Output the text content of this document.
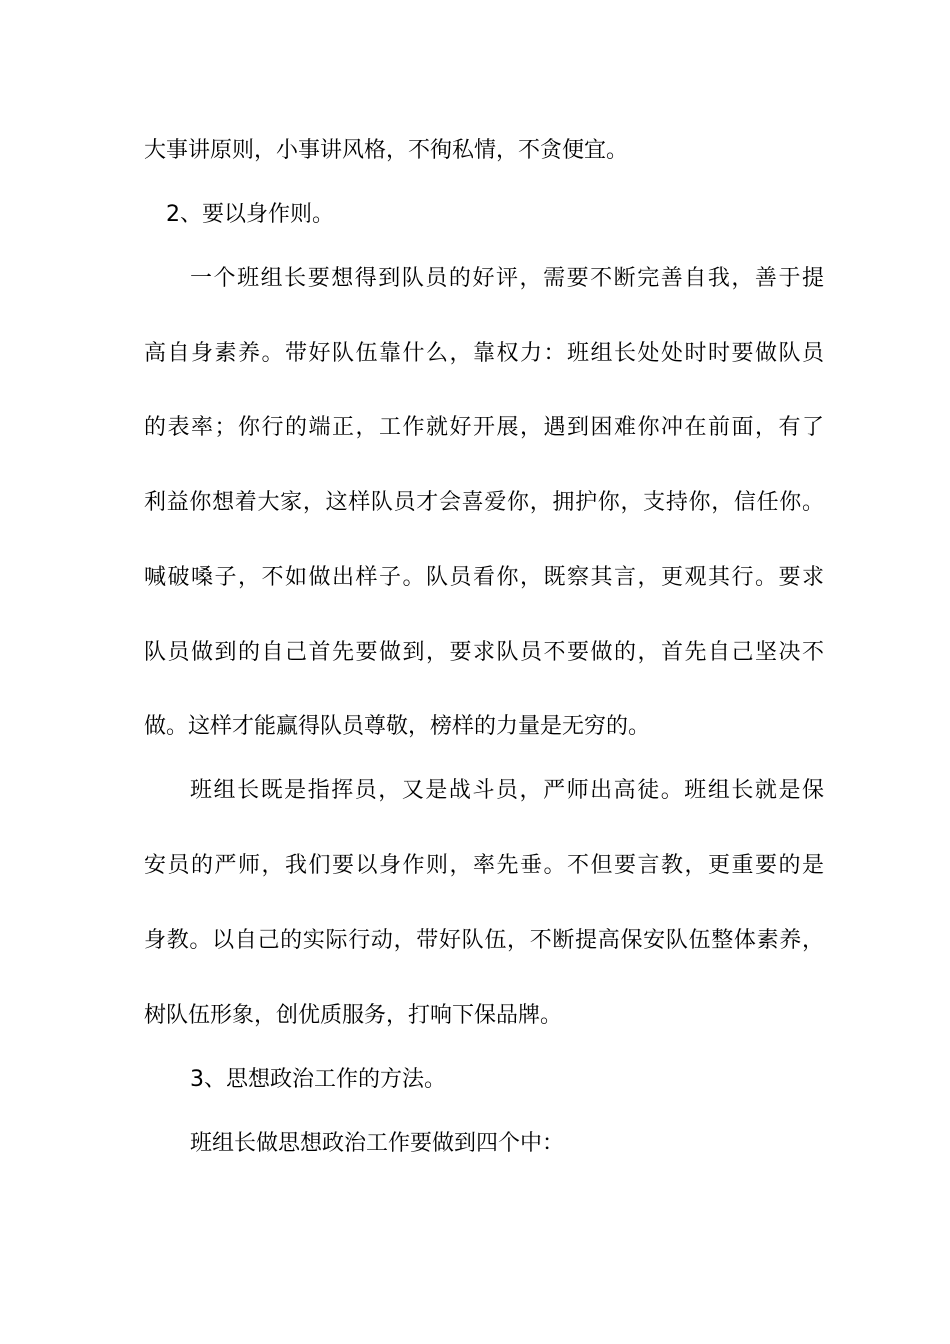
大事讲原则，小事讲风格，不徇私情，不贪便宜。
2、要以身作则。
一个班组长要想得到队员的好评，需要不断完善自我，善于提
高自身素养。带好队伍靠什么，靠权力：班组长处处时时要做队员
的表率；你行的端正，工作就好开展，遇到困难你冲在前面，有了
利益你想着大家，这样队员才会喜爱你，拥护你，支持你，信任你。
喊破嗓子，不如做出样子。队员看你，既察其言，更观其行。要求
队员做到的自己首先要做到，要求队员不要做的，首先自己坚决不
做。这样才能赢得队员尊敬，榜样的力量是无穷的。
班组长既是指挥员，又是战斗员，严师出高徒。班组长就是保
安员的严师，我们要以身作则，率先垂。不但要言教，更重要的是
身教。以自己的实际行动，带好队伍，不断提高保安队伍整体素养，
树队伍形象，创优质服务，打响下保品牌。
3、思想政治工作的方法。
班组长做思想政治工作要做到四个中：
